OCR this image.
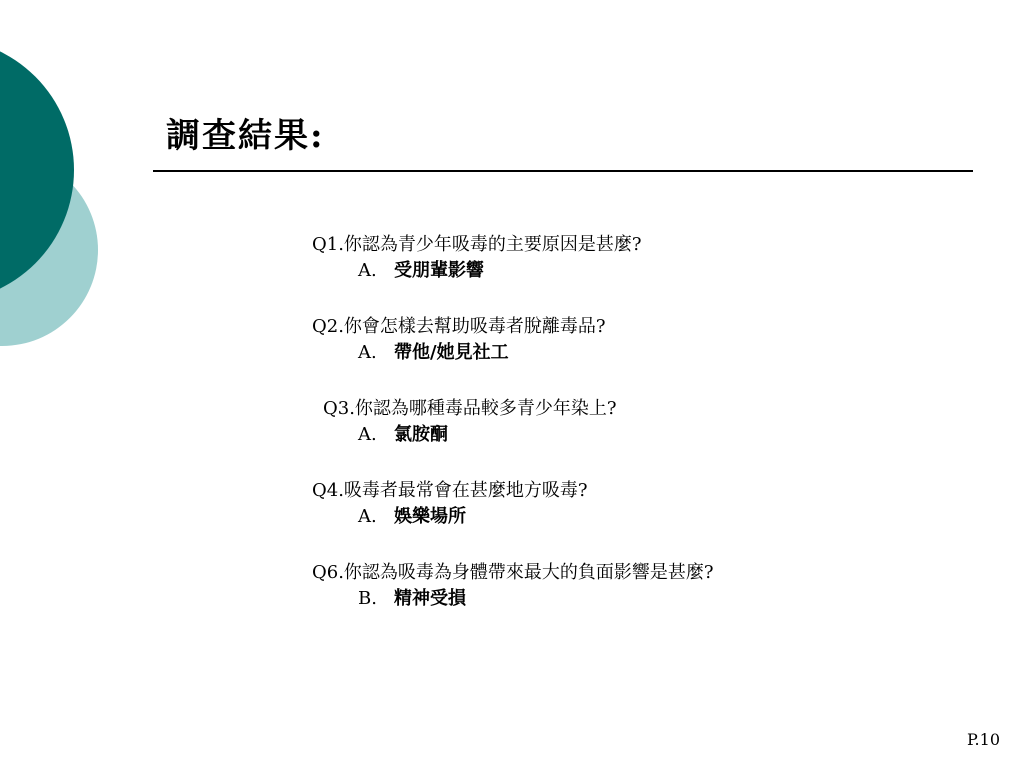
調查結果:
Q1.你認為青少年吸毒的主要原因是甚麼?
A. 受朋輩影響
Q2.你會怎樣去幫助吸毒者脫離毒品?
A. 帶他/她見社工
Q3.你認為哪種毒品較多青少年染上?
A. 氯胺酮
Q4.吸毒者最常會在甚麼地方吸毒?
A. 娛樂場所
Q6.你認為吸毒為身體帶來最大的負面影響是甚麼?
B. 精神受損
P.10
